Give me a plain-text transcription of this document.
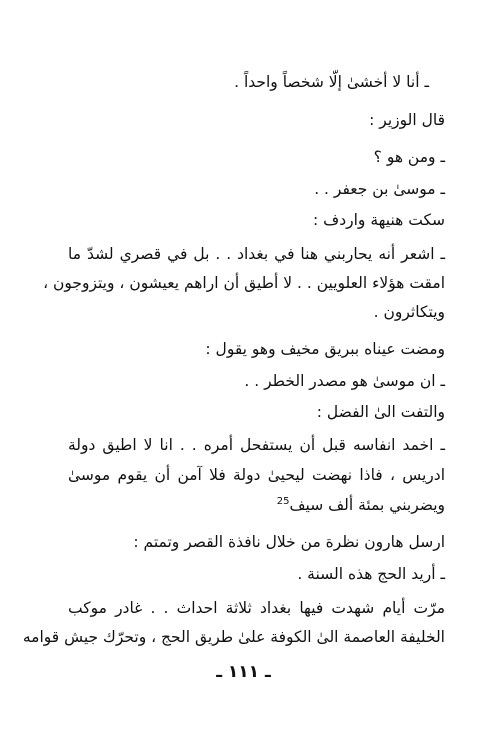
ـ أنا لا أخشىٰ إلّا شخصاً واحداً .
قال الوزير :
ـ ومن هو ؟
ـ موسىٰ بن جعفر . .
سكت هنيهة واردف :
ـ اشعر أنه يحاربني هنا في بغداد . . بل في قصري لشدّ ما
امقت هؤلاء العلويين . . لا أطيق أن اراهم يعيشون ، ويتزوجون ،
ويتكاثرون .
ومضت عيناه ببريق مخيف وهو يقول :
ـ ان موسىٰ هو مصدر الخطر . .
والتفت الىٰ الفضل :
ـ اخمد انفاسه قبل أن يستفحل أمره . . انا لا اطيق دولة
ادريس ، فاذا نهضت ليحيىٰ دولة فلا آمن أن يقوم موسىٰ
ويضربني بمئة ألف سيف$^{25}$
ارسل هارون نظرة من خلال نافذة القصر وتمتم :
ـ أريد الحج هذه السنة .
مرّت أيام شهدت فيها بغداد ثلاثة احداث . . غادر موكب
الخليفة العاصمة الىٰ الكوفة علىٰ طريق الحج ، وتحرّك جيش قوامه
ـ ١١١ ـ
